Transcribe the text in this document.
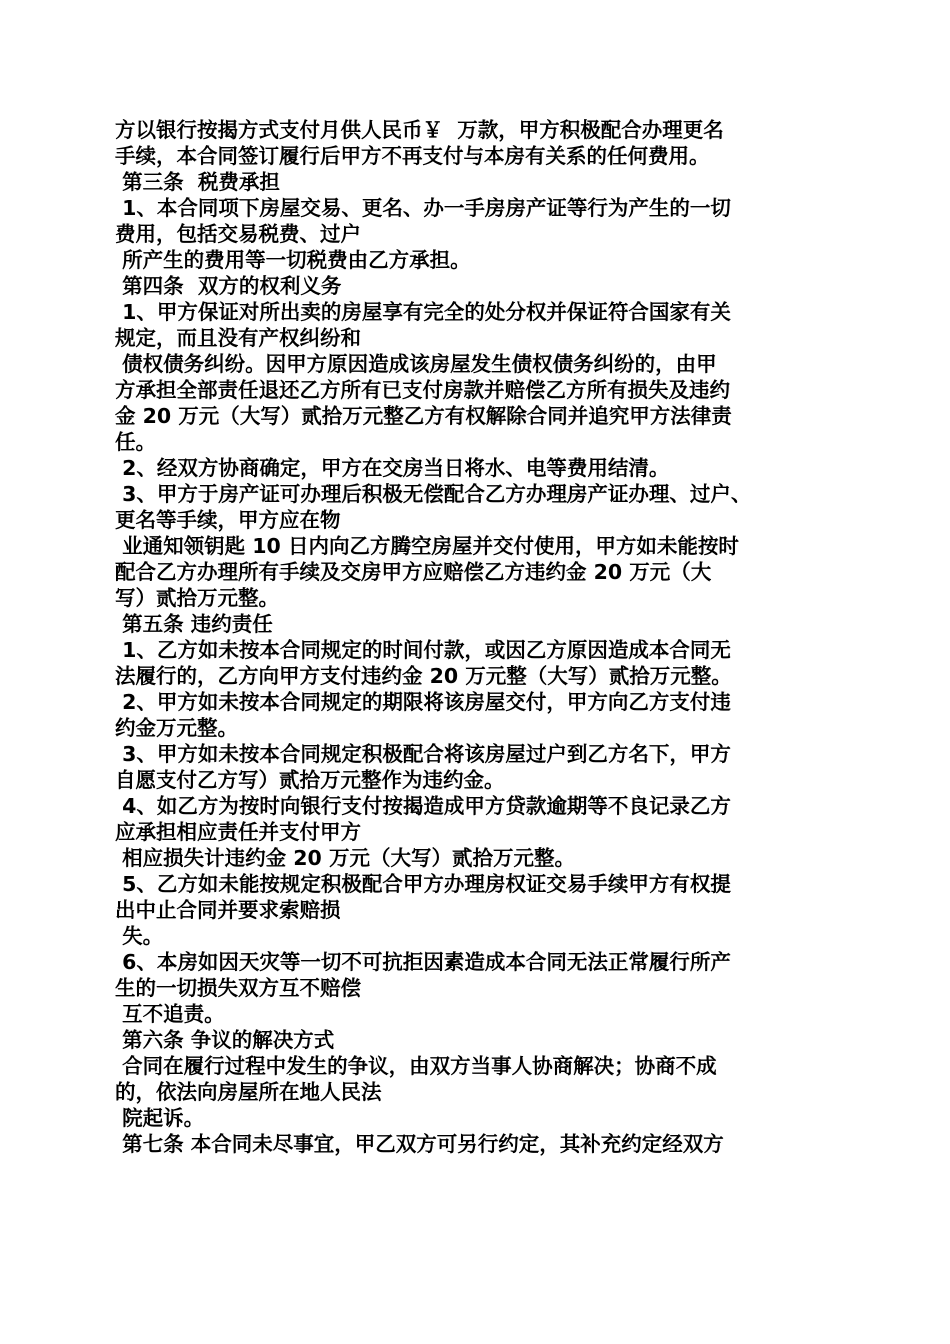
方以银行按揭方式支付月供人民币￥  万款，甲方积极配合办理更名
手续，本合同签订履行后甲方不再支付与本房有关系的任何费用。
第三条  税费承担
1、本合同项下房屋交易、更名、办一手房房产证等行为产生的一切
费用，包括交易税费、过户
所产生的费用等一切税费由乙方承担。
第四条  双方的权利义务
1、甲方保证对所出卖的房屋享有完全的处分权并保证符合国家有关
规定，而且没有产权纠纷和
债权债务纠纷。因甲方原因造成该房屋发生债权债务纠纷的，由甲
方承担全部责任退还乙方所有已支付房款并赔偿乙方所有损失及违约
金 20 万元（大写）贰拾万元整乙方有权解除合同并追究甲方法律责
任。
2、经双方协商确定，甲方在交房当日将水、电等费用结清。
3、甲方于房产证可办理后积极无偿配合乙方办理房产证办理、过户、
更名等手续，甲方应在物
业通知领钥匙 10 日内向乙方腾空房屋并交付使用，甲方如未能按时
配合乙方办理所有手续及交房甲方应赔偿乙方违约金 20 万元（大
写）贰拾万元整。
第五条 违约责任
1、乙方如未按本合同规定的时间付款，或因乙方原因造成本合同无
法履行的，乙方向甲方支付违约金 20 万元整（大写）贰拾万元整。
2、甲方如未按本合同规定的期限将该房屋交付，甲方向乙方支付违
约金万元整。
3、甲方如未按本合同规定积极配合将该房屋过户到乙方名下，甲方
自愿支付乙方写）贰拾万元整作为违约金。
4、如乙方为按时向银行支付按揭造成甲方贷款逾期等不良记录乙方
应承担相应责任并支付甲方
相应损失计违约金 20 万元（大写）贰拾万元整。
5、乙方如未能按规定积极配合甲方办理房权证交易手续甲方有权提
出中止合同并要求索赔损
失。
6、本房如因天灾等一切不可抗拒因素造成本合同无法正常履行所产
生的一切损失双方互不赔偿
互不追责。
第六条 争议的解决方式
合同在履行过程中发生的争议，由双方当事人协商解决；协商不成
的，依法向房屋所在地人民法
院起诉。
第七条 本合同未尽事宜，甲乙双方可另行约定，其补充约定经双方
